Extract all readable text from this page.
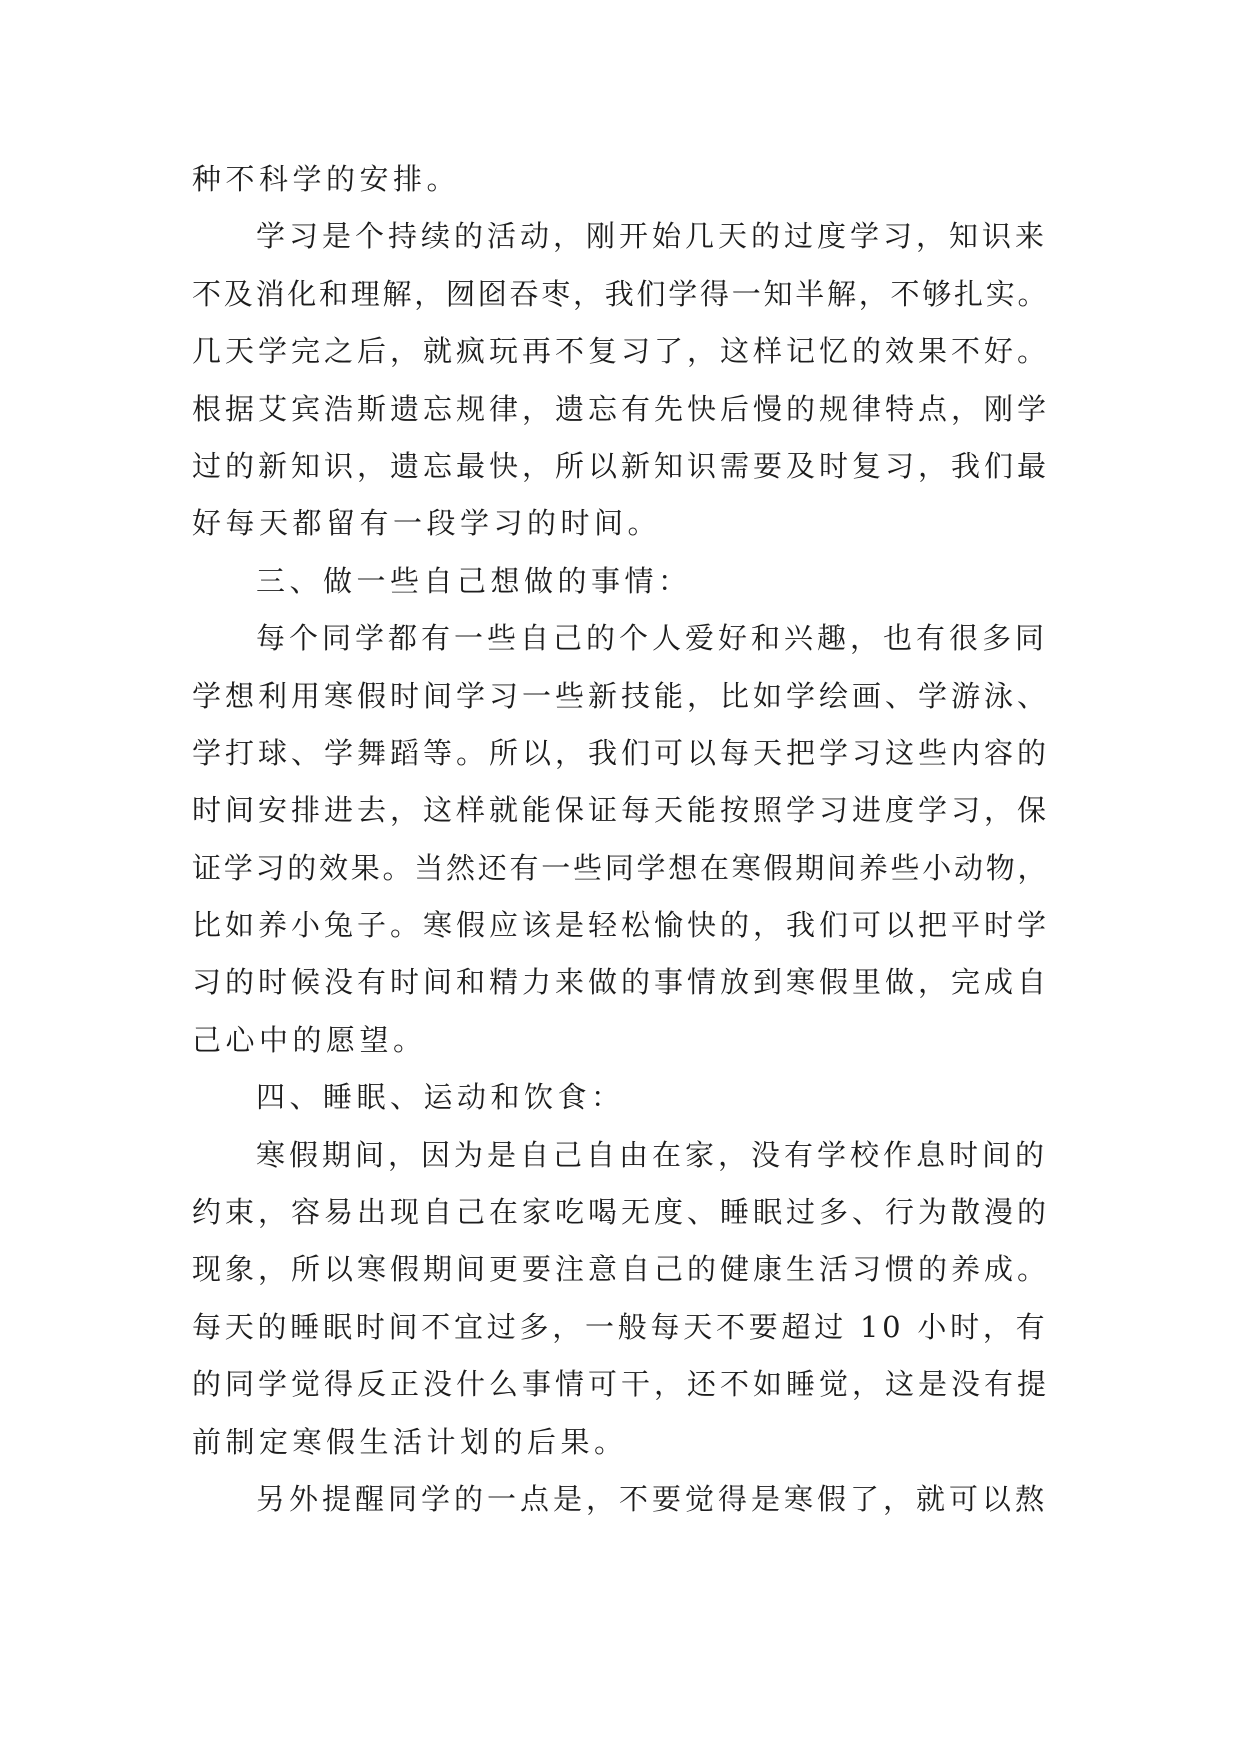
种不科学的安排。
学习是个持续的活动，刚开始几天的过度学习，知识来
不及消化和理解，囫囵吞枣，我们学得一知半解，不够扎实。
几天学完之后，就疯玩再不复习了，这样记忆的效果不好。
根据艾宾浩斯遗忘规律，遗忘有先快后慢的规律特点，刚学
过的新知识，遗忘最快，所以新知识需要及时复习，我们最
好每天都留有一段学习的时间。
三、做一些自己想做的事情：
每个同学都有一些自己的个人爱好和兴趣，也有很多同
学想利用寒假时间学习一些新技能，比如学绘画、学游泳、
学打球、学舞蹈等。所以，我们可以每天把学习这些内容的
时间安排进去，这样就能保证每天能按照学习进度学习，保
证学习的效果。当然还有一些同学想在寒假期间养些小动物，
比如养小兔子。寒假应该是轻松愉快的，我们可以把平时学
习的时候没有时间和精力来做的事情放到寒假里做，完成自
己心中的愿望。
四、睡眠、运动和饮食：
寒假期间，因为是自己自由在家，没有学校作息时间的
约束，容易出现自己在家吃喝无度、睡眠过多、行为散漫的
现象，所以寒假期间更要注意自己的健康生活习惯的养成。
每天的睡眠时间不宜过多，一般每天不要超过 10 小时，有
的同学觉得反正没什么事情可干，还不如睡觉，这是没有提
前制定寒假生活计划的后果。
另外提醒同学的一点是，不要觉得是寒假了，就可以熬
